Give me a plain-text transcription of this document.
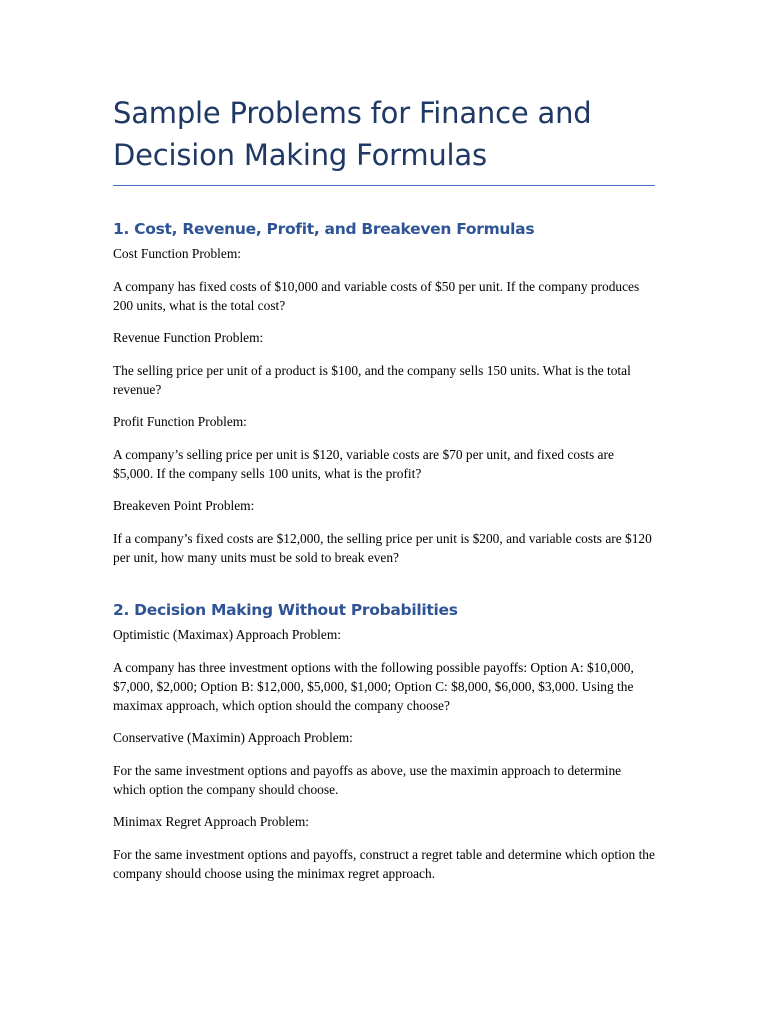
Sample Problems for Finance and Decision Making Formulas
1. Cost, Revenue, Profit, and Breakeven Formulas

Cost Function Problem:

A company has fixed costs of $10,000 and variable costs of $50 per unit. If the company produces 200 units, what is the total cost?

Revenue Function Problem:

The selling price per unit of a product is $100, and the company sells 150 units. What is the total revenue?

Profit Function Problem:

A company’s selling price per unit is $120, variable costs are $70 per unit, and fixed costs are $5,000. If the company sells 100 units, what is the profit?

Breakeven Point Problem:

If a company’s fixed costs are $12,000, the selling price per unit is $200, and variable costs are $120 per unit, how many units must be sold to break even?

2. Decision Making Without Probabilities

Optimistic (Maximax) Approach Problem:

A company has three investment options with the following possible payoffs: Option A: $10,000, $7,000, $2,000; Option B: $12,000, $5,000, $1,000; Option C: $8,000, $6,000, $3,000. Using the maximax approach, which option should the company choose?

Conservative (Maximin) Approach Problem:

For the same investment options and payoffs as above, use the maximin approach to determine which option the company should choose.

Minimax Regret Approach Problem:

For the same investment options and payoffs, construct a regret table and determine which option the company should choose using the minimax regret approach.
